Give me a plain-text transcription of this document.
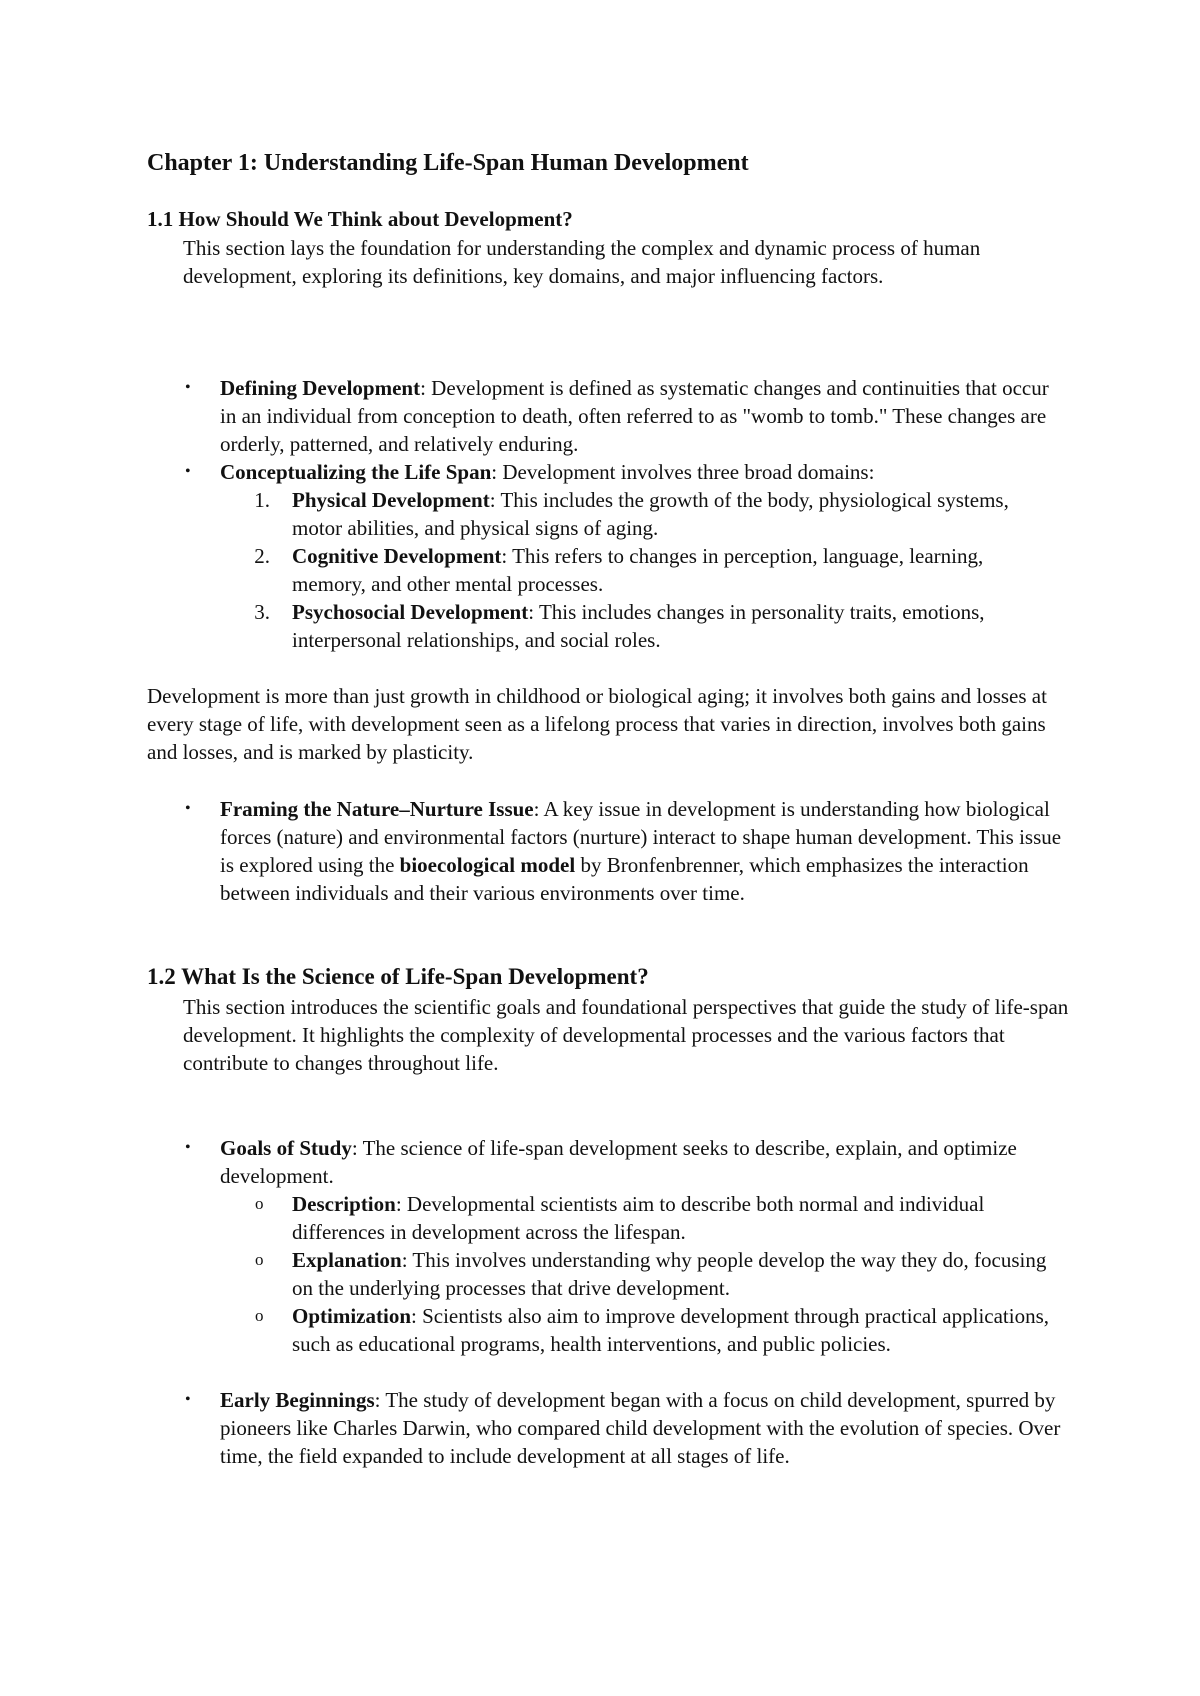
Chapter 1: Understanding Life-Span Human Development
1.1 How Should We Think about Development?
This section lays the foundation for understanding the complex and dynamic process of human development, exploring its definitions, key domains, and major influencing factors.
• Defining Development: Development is defined as systematic changes and continuities that occur in an individual from conception to death, often referred to as "womb to tomb." These changes are orderly, patterned, and relatively enduring.
• Conceptualizing the Life Span: Development involves three broad domains:
1. Physical Development: This includes the growth of the body, physiological systems, motor abilities, and physical signs of aging.
2. Cognitive Development: This refers to changes in perception, language, learning, memory, and other mental processes.
3. Psychosocial Development: This includes changes in personality traits, emotions, interpersonal relationships, and social roles.
Development is more than just growth in childhood or biological aging; it involves both gains and losses at every stage of life, with development seen as a lifelong process that varies in direction, involves both gains and losses, and is marked by plasticity.
• Framing the Nature–Nurture Issue: A key issue in development is understanding how biological forces (nature) and environmental factors (nurture) interact to shape human development. This issue is explored using the bioecological model by Bronfenbrenner, which emphasizes the interaction between individuals and their various environments over time.
1.2 What Is the Science of Life-Span Development?
This section introduces the scientific goals and foundational perspectives that guide the study of life-span development. It highlights the complexity of developmental processes and the various factors that contribute to changes throughout life.
• Goals of Study: The science of life-span development seeks to describe, explain, and optimize development.
o Description: Developmental scientists aim to describe both normal and individual differences in development across the lifespan.
o Explanation: This involves understanding why people develop the way they do, focusing on the underlying processes that drive development.
o Optimization: Scientists also aim to improve development through practical applications, such as educational programs, health interventions, and public policies.
• Early Beginnings: The study of development began with a focus on child development, spurred by pioneers like Charles Darwin, who compared child development with the evolution of species. Over time, the field expanded to include development at all stages of life.
